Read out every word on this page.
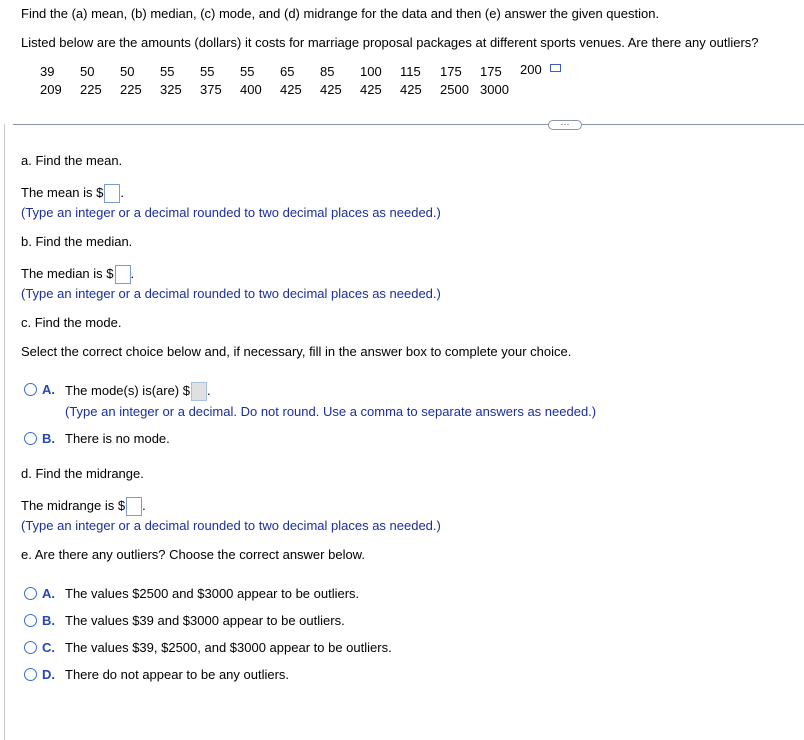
Find the (a) mean, (b) median, (c) mode, and (d) midrange for the data and then (e) answer the given question.
Listed below are the amounts (dollars) it costs for marriage proposal packages at different sports venues. Are there any outliers?
39	50	50	55	55	55	65	85	100	115	175	175	200
209	225	225	325	375	400	425	425	425	425	2500	3000	
···
a. Find the mean.
The mean is $ .
(Type an integer or a decimal rounded to two decimal places as needed.)
b. Find the median.
The median is $ .
(Type an integer or a decimal rounded to two decimal places as needed.)
c. Find the mode.
Select the correct choice below and, if necessary, fill in the answer box to complete your choice.
A. The mode(s) is(are) $ .
(Type an integer or a decimal. Do not round. Use a comma to separate answers as needed.)
B. There is no mode.
d. Find the midrange.
The midrange is $ .
(Type an integer or a decimal rounded to two decimal places as needed.)
e. Are there any outliers? Choose the correct answer below.
A. The values $2500 and $3000 appear to be outliers.
B. The values $39 and $3000 appear to be outliers.
C. The values $39, $2500, and $3000 appear to be outliers.
D. There do not appear to be any outliers.
